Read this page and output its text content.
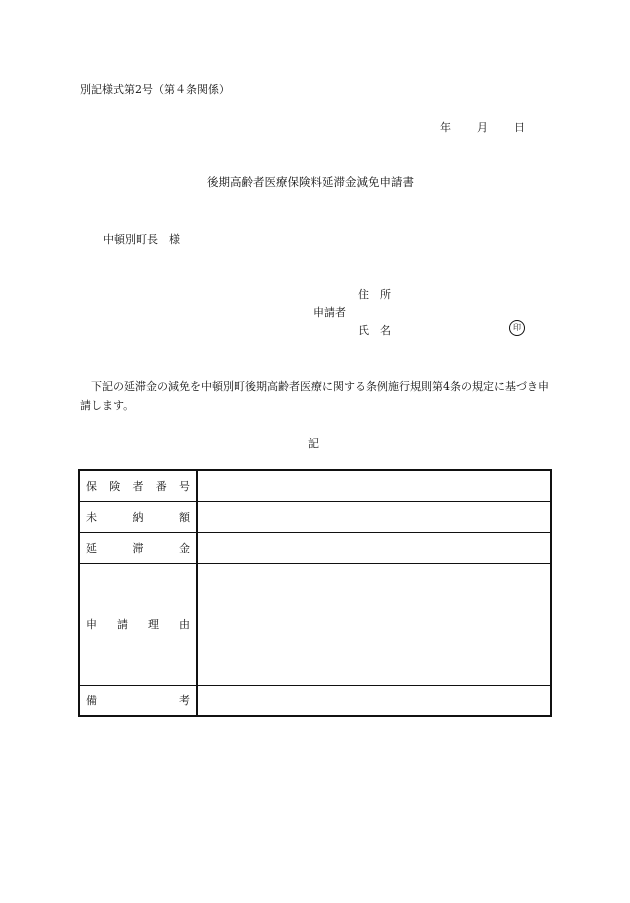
別記様式第2号（第４条関係）
年 月 日
後期高齢者医療保険料延滞金減免申請書
中頓別町長　様
住　所
申請者
氏　名	印
下記の延滞金の減免を中頓別町後期高齢者医療に関する条例施行規則第4条の規定に基づき申請します。
記
保 険 者 番 号	

未 納 額	

延 滞 金	

申 請 理 由	

備 考	
